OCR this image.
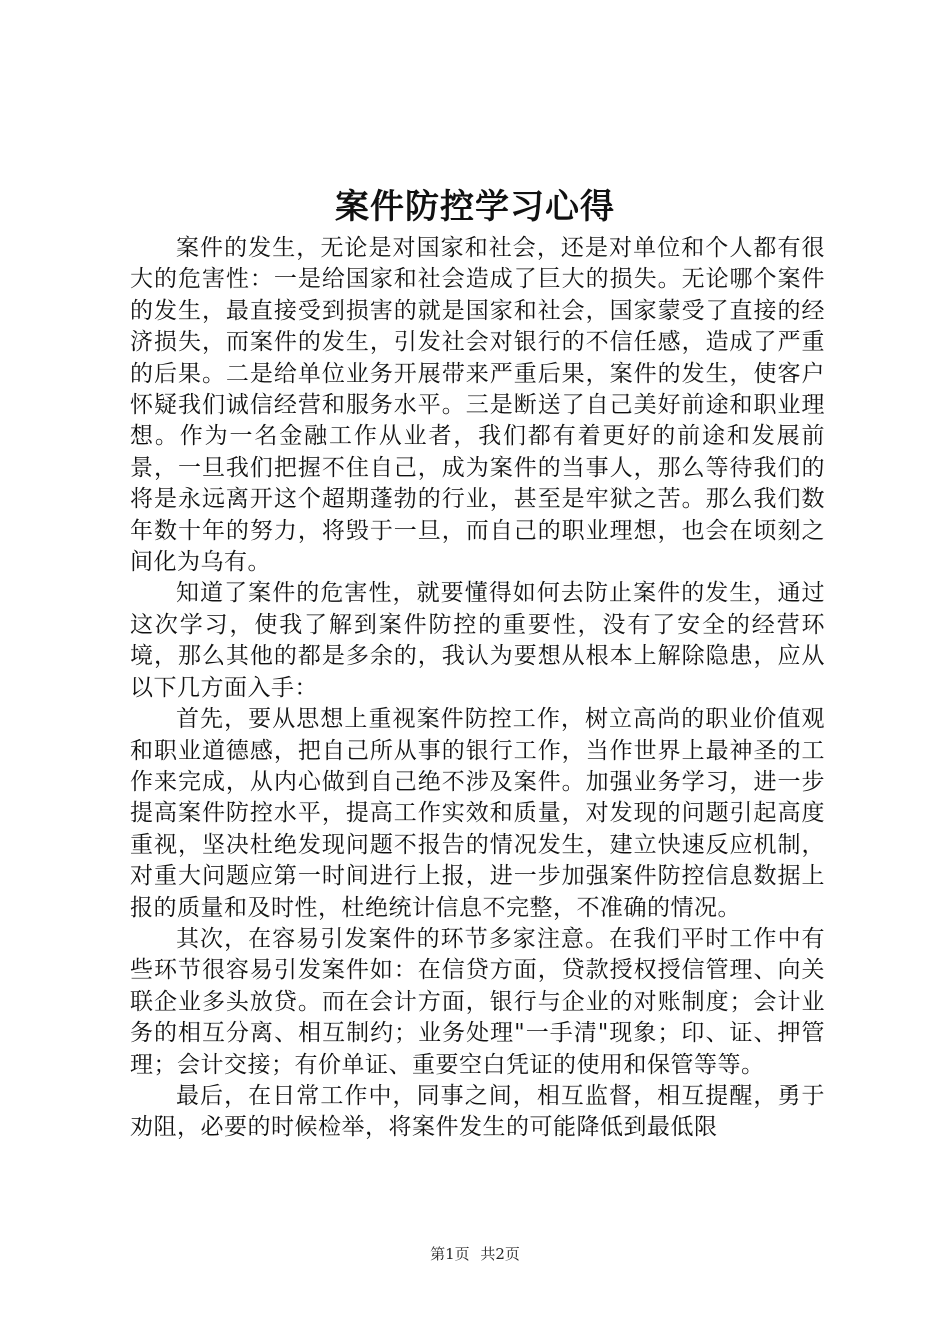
案件防控学习心得

案件的发生，无论是对国家和社会，还是对单位和个人都有很大的危害性：一是给国家和社会造成了巨大的损失。无论哪个案件的发生，最直接受到损害的就是国家和社会，国家蒙受了直接的经济损失，而案件的发生，引发社会对银行的不信任感，造成了严重的后果。二是给单位业务开展带来严重后果，案件的发生，使客户怀疑我们诚信经营和服务水平。三是断送了自己美好前途和职业理想。作为一名金融工作从业者，我们都有着更好的前途和发展前景，一旦我们把握不住自己，成为案件的当事人，那么等待我们的将是永远离开这个超期蓬勃的行业，甚至是牢狱之苦。那么我们数年数十年的努力，将毁于一旦，而自己的职业理想，也会在顷刻之间化为乌有。

知道了案件的危害性，就要懂得如何去防止案件的发生，通过这次学习，使我了解到案件防控的重要性，没有了安全的经营环境，那么其他的都是多余的，我认为要想从根本上解除隐患，应从以下几方面入手：

首先，要从思想上重视案件防控工作，树立高尚的职业价值观和职业道德感，把自己所从事的银行工作，当作世界上最神圣的工作来完成，从内心做到自己绝不涉及案件。加强业务学习，进一步提高案件防控水平，提高工作实效和质量，对发现的问题引起高度重视，坚决杜绝发现问题不报告的情况发生，建立快速反应机制，对重大问题应第一时间进行上报，进一步加强案件防控信息数据上报的质量和及时性，杜绝统计信息不完整，不准确的情况。

其次，在容易引发案件的环节多家注意。在我们平时工作中有些环节很容易引发案件如：在信贷方面，贷款授权授信管理、向关联企业多头放贷。而在会计方面，银行与企业的对账制度；会计业务的相互分离、相互制约；业务处理"一手清"现象；印、证、押管理；会计交接；有价单证、重要空白凭证的使用和保管等等。

最后，在日常工作中，同事之间，相互监督，相互提醒，勇于劝阻，必要的时候检举，将案件发生的可能降低到最低限

第1页 共2页
